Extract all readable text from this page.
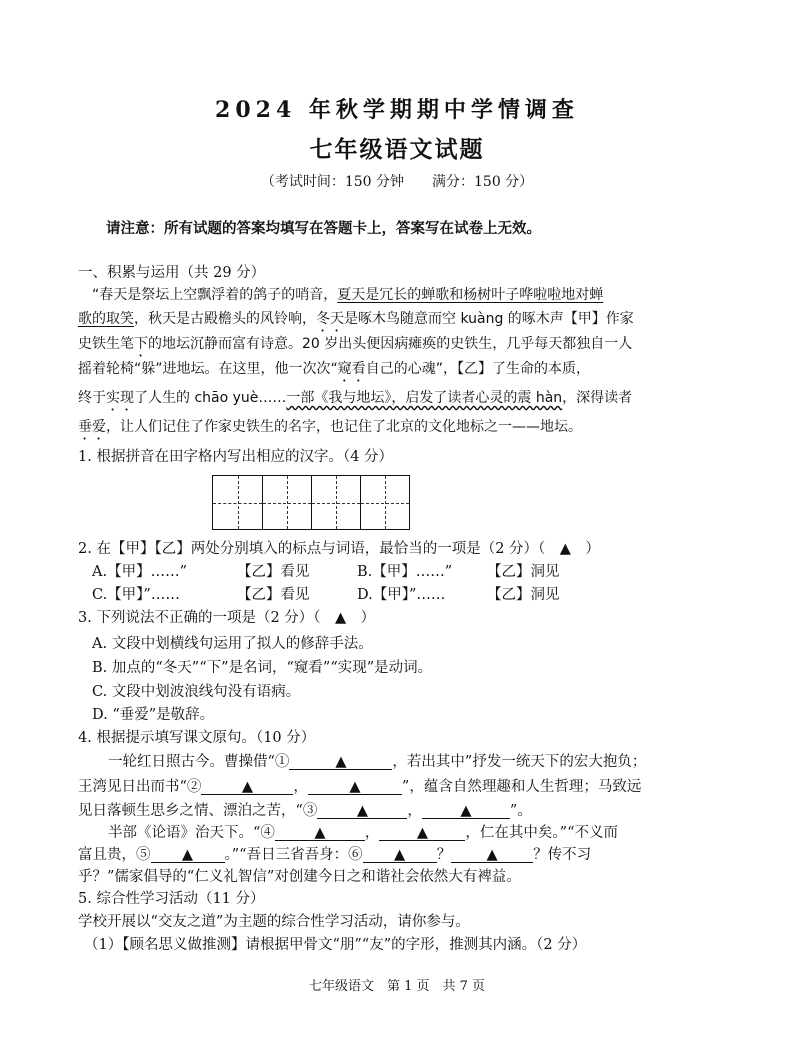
2024 年秋学期期中学情调查
七年级语文试题
（考试时间：150 分钟　　满分：150 分）
请注意：所有试题的答案均填写在答题卡上，答案写在试卷上无效。
一、积累与运用（共 29 分）
“春天是祭坛上空飘浮着的鸽子的哨音，夏天是冗长的蝉歌和杨树叶子哗啦啦地对蝉
歌的取笑，秋天是古殿檐头的风铃响，冬天是啄木鸟随意而空 kuàng 的啄木声【甲】作家
史铁生笔下的地坛沉静而富有诗意。20 岁出头便因病瘫痪的史铁生，几乎每天都独自一人
摇着轮椅“躲”进地坛。在这里，他一次次“窥看自己的心魂”，【乙】了生命的本质，
终于实现了人生的 chāo yuè……一部《我与地坛》，启发了读者心灵的震 hàn，深得读者
垂爱，让人们记住了作家史铁生的名字，也记住了北京的文化地标之一——地坛。
1. 根据拼音在田字格内写出相应的汉字。（4 分）
2. 在【甲】【乙】两处分别填入的标点与词语，最恰当的一项是（2 分）（　▲　）
A.【甲】……”	【乙】看见	B.【甲】……” 【乙】洞见
C.【甲】”……	【乙】看见	D.【甲】”……	【乙】洞见
3. 下列说法不正确的一项是（2 分）（　▲　）
A. 文段中划横线句运用了拟人的修辞手法。
B. 加点的“冬天”“下”是名词，“窥看”“实现”是动词。
C. 文段中划波浪线句没有语病。
D. “垂爱”是敬辞。
4. 根据提示填写课文原句。（10 分）
一轮红日照古今。曹操借“①	▲	，若出其中”抒发一统天下的宏大抱负；
王湾见日出而书“②	▲	，	▲	”，蕴含自然理趣和人生哲理；马致远
见日落顿生思乡之情、漂泊之苦，“③	▲	，	▲	”。
半部《论语》治天下。“④	▲	，	▲	，仁在其中矣。”“不义而
富且贵，⑤ ▲ 。”“吾日三省吾身：⑥ ▲ ？ ▲ ？传不习
乎？”儒家倡导的“仁义礼智信”对创建今日之和谐社会依然大有裨益。
5. 综合性学习活动（11 分）
学校开展以“交友之道”为主题的综合性学习活动，请你参与。
（1）【顾名思义做推测】请根据甲骨文“朋”“友”的字形，推测其内涵。（2 分）
七年级语文　第 1 页　共 7 页
